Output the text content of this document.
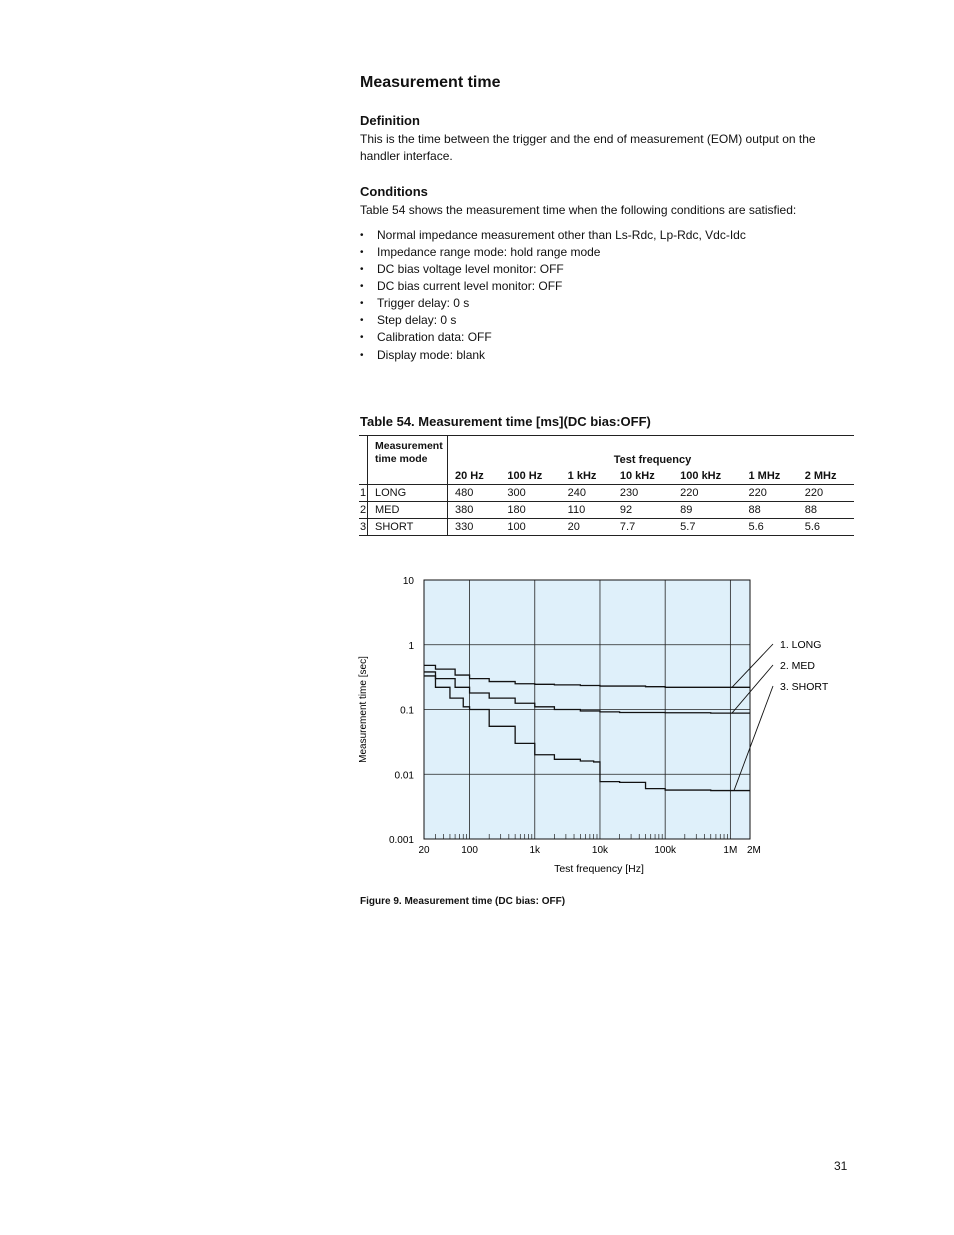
Measurement time
Definition

This is the time between the trigger and the end of measurement (EOM) output on the handler interface.

Conditions

Table 54 shows the measurement time when the following conditions are satisfied:

• Normal impedance measurement other than Ls-Rdc, Lp-Rdc, Vdc-Idc
• Impedance range mode: hold range mode
• DC bias voltage level monitor: OFF
• DC bias current level monitor: OFF
• Trigger delay: 0 s
• Step delay: 0 s
• Calibration data: OFF
• Display mode: blank
Table 54. Measurement time [ms](DC bias:OFF)
	Measurement time mode	Test frequency						
		20 Hz	100 Hz	1 kHz	10 kHz	100 kHz	1 MHz	2 MHz
1	LONG	480	300	240	230	220	220	220
2	MED	380	180	110	92	89	88	88
3	SHORT	330	100	20	7.7	5.7	5.6	5.6
10
1
0.1
0.01
0.001
20	100	1k	10k	100k	1M 2M
1. LONG
2. MED
3. SHORT
Test frequency [Hz]
Measurement time [sec]
Figure 9. Measurement time (DC bias: OFF)
31
